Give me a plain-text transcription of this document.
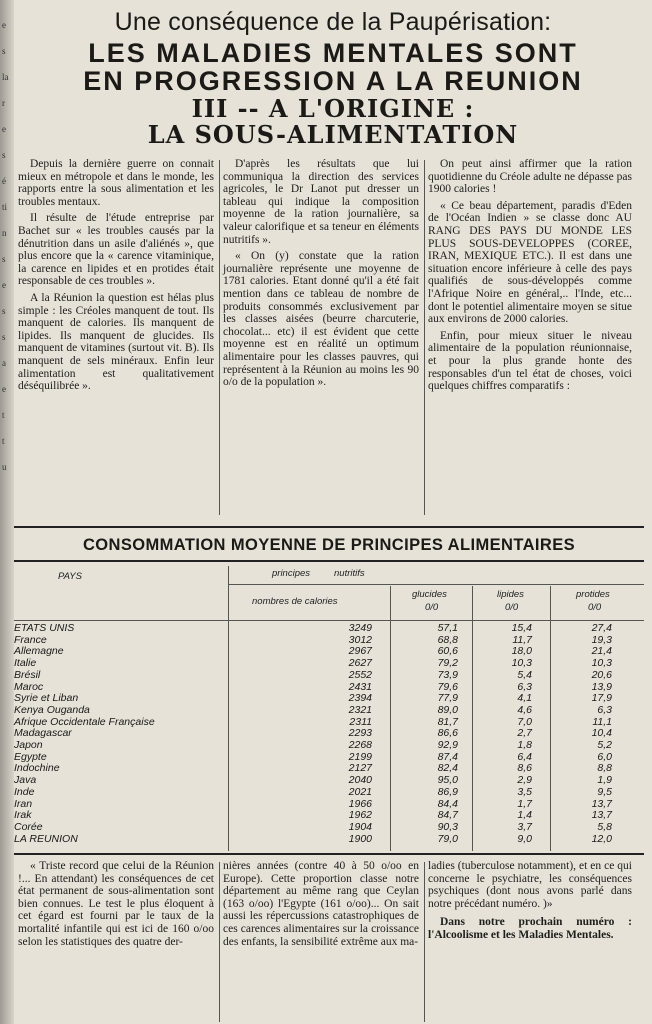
e
s
la
r
e
s
é
ti
n
s
e
s
s
a
e
t
t
u
Une conséquence de la Paupérisation:
LES MALADIES MENTALES SONT
EN PROGRESSION A LA REUNION
III -- A L'ORIGINE :
LA SOUS-ALIMENTATION

Depuis la dernière guerre on connait mieux en métropole et dans le monde, les rapports entre la sous alimentation et les troubles mentaux.

Il résulte de l'étude entreprise par Bachet sur « les troubles causés par la dénutrition dans un asile d'aliénés », que plus encore que la « carence vitaminique, la carence en lipides et en protides était responsable de ces troubles ».

A la Réunion la question est hélas plus simple : les Créoles manquent de tout. Ils manquent de calories. Ils manquent de lipides. Ils manquent de glucides. Ils manquent de vitamines (surtout vit. B). Ils manquent de sels minéraux. Enfin leur alimentation est qualitativement déséquilibrée ».

D'après les résultats que lui communiqua la direction des services agricoles, le Dr Lanot put dresser un tableau qui indique la composition moyenne de la ration journalière, sa valeur calorifique et sa teneur en éléments nutritifs ».

« On (y) constate que la ration journalière représente une moyenne de 1781 calories. Etant donné qu'il a été fait mention dans ce tableau de nombre de produits consommés exclusivement par les classes aisées (beurre charcuterie, chocolat... etc) il est évident que cette moyenne est en réalité un optimum alimentaire pour les classes pauvres, qui représentent à la Réunion au moins les 90 o/o de la population ».

On peut ainsi affirmer que la ration quotidienne du Créole adulte ne dépasse pas 1900 calories !

« Ce beau département, paradis d'Eden de l'Océan Indien » se classe donc AU RANG DES PAYS DU MONDE LES PLUS SOUS-DEVELOPPES (COREE, IRAN, MEXIQUE ETC.). Il est dans une situation encore inférieure à celle des pays qualifiés de sous-développés comme l'Afrique Noire en général,.. l'Inde, etc... dont le potentiel alimentaire moyen se situe aux environs de 2000 calories.

Enfin, pour mieux situer le niveau alimentaire de la population réunionnaise, et pour la plus grande honte des responsables d'un tel état de choses, voici quelques chiffres comparatifs :

CONSOMMATION MOYENNE DE PRINCIPES ALIMENTAIRES
PAYS	principes	nutritifs
nombres de calories
glucides
0/0
lipides
0/0
protides
0/0
ETATS UNIS	3249	57,1	15,4	27,4
France	3012	68,8	11,7	19,3
Allemagne	2967	60,6	18,0	21,4
Italie	2627	79,2	10,3	10,3
Brésil	2552	73,9	5,4	20,6
Maroc	2431	79,6	6,3	13,9
Syrie et Liban	2394	77,9	4,1	17,9
Kenya Ouganda	2321	89,0	4,6	6,3
Afrique Occidentale Française	2311	81,7	7,0	11,1
Madagascar	2293	86,6	2,7	10,4
Japon	2268	92,9	1,8	5,2
Egypte	2199	87,4	6,4	6,0
Indochine	2127	82,4	8,6	8,8
Java	2040	95,0	2,9	1,9
Inde	2021	86,9	3,5	9,5
Iran	1966	84,4	1,7	13,7
Irak	1962	84,7	1,4	13,7
Corée	1904	90,3	3,7	5,8
LA REUNION	1900	79,0	9,0	12,0

« Triste record que celui de la Réunion !... En attendant) les conséquences de cet état permanent de sous-alimentation sont bien connues. Le test le plus éloquent à cet égard est fourni par le taux de la mortalité infantile qui est ici de 160 o/oo selon les statistiques des quatre der-

nières années (contre 40 à 50 o/oo en Europe). Cette proportion classe notre département au même rang que Ceylan (163 o/oo) l'Egypte (161 o/oo)... On sait aussi les répercussions catastrophiques de ces carences alimentaires sur la croissance des enfants, la sensibilité extrême aux ma-

ladies (tuberculose notamment), et en ce qui concerne le psychiatre, les conséquences psychiques (dont nous avons parlé dans notre précédant numéro. )»

Dans notre prochain numéro : l'Alcoolisme et les Maladies Mentales.
